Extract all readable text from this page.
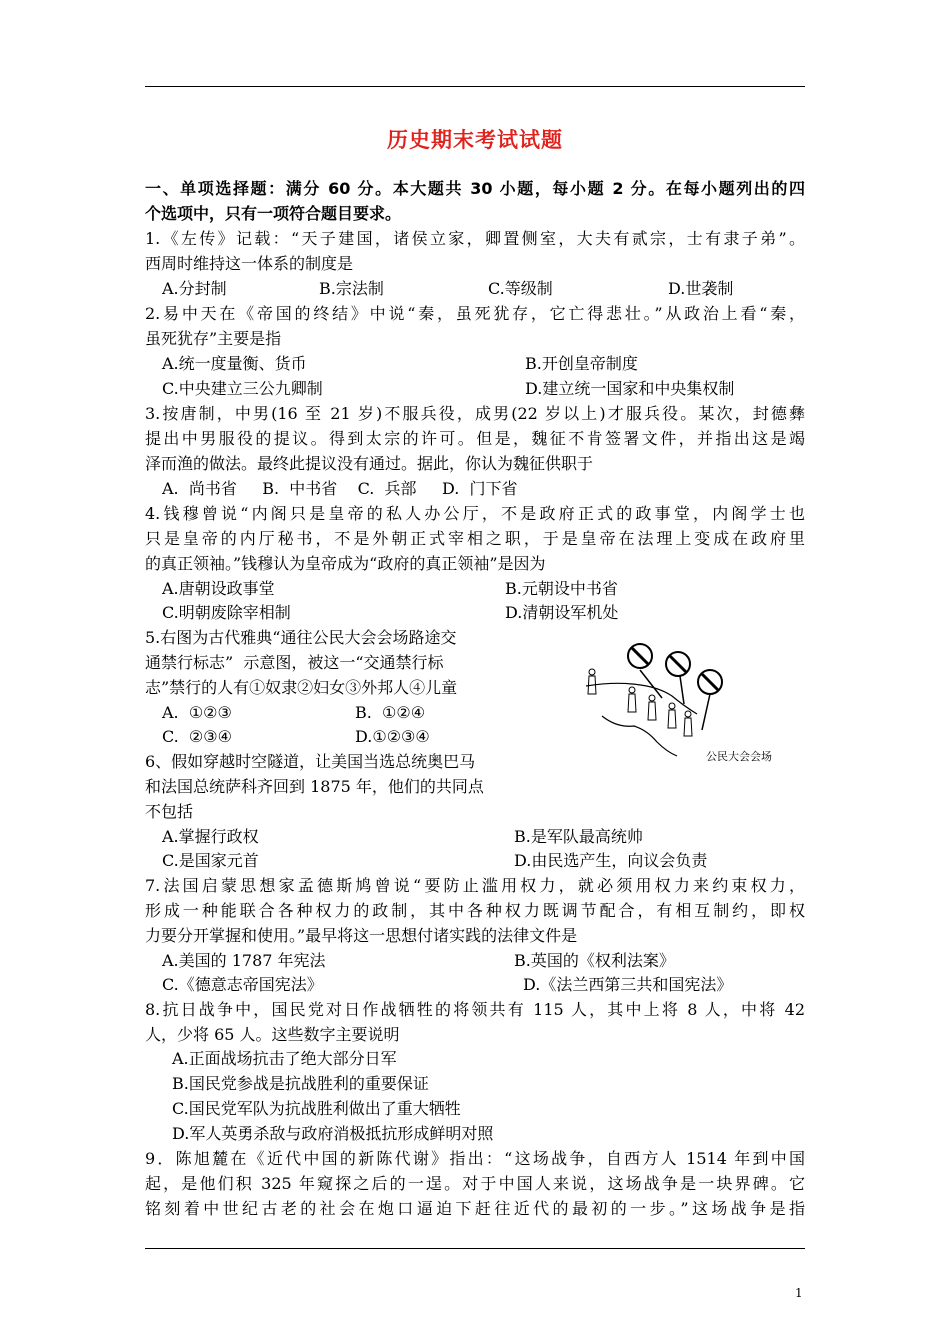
历史期末考试试题
一、单项选择题：满分 60 分。本大题共 30 小题，每小题 2 分。在每小题列出的四
个选项中，只有一项符合题目要求。
1.《左传》记载：“天子建国，诸侯立家，卿置侧室，大夫有贰宗，士有隶子弟”。
西周时维持这一体系的制度是
A.分封制	B.宗法制	C.等级制	D.世袭制
2.易中天在《帝国的终结》中说“秦，虽死犹存，它亡得悲壮。”从政治上看“秦，
虽死犹存”主要是指
A.统一度量衡、货币	B.开创皇帝制度
C.中央建立三公九卿制	D.建立统一国家和中央集权制
3.按唐制，中男(16 至 21 岁)不服兵役，成男(22 岁以上)才服兵役。某次，封德彝
提出中男服役的提议。得到太宗的许可。但是，魏征不肯签署文件，并指出这是竭
泽而渔的做法。最终此提议没有通过。据此，你认为魏征供职于
A.  尚书省     B.  中书省    C.  兵部     D.  门下省
4.钱穆曾说“内阁只是皇帝的私人办公厅，不是政府正式的政事堂，内阁学士也
只是皇帝的内厅秘书，不是外朝正式宰相之职，于是皇帝在法理上变成在政府里
的真正领袖。”钱穆认为皇帝成为“政府的真正领袖”是因为
A.唐朝设政事堂	B.元朝设中书省
C.明朝废除宰相制	D.清朝设军机处
5.右图为古代雅典“通往公民大会会场路途交
通禁行标志”  示意图，被这一“交通禁行标
志”禁行的人有①奴隶②妇女③外邦人④儿童
A.  ①②③	B.  ①②④
C.  ②③④	D.①②③④
公民大会会场
6、假如穿越时空隧道，让美国当选总统奥巴马
和法国总统萨科齐回到 1875 年，他们的共同点
不包括
A.掌握行政权	B.是军队最高统帅
C.是国家元首	D.由民选产生，向议会负责
7.法国启蒙思想家孟德斯鸠曾说“要防止滥用权力，就必须用权力来约束权力，
形成一种能联合各种权力的政制，其中各种权力既调节配合，有相互制约，即权
力要分开掌握和使用。”最早将这一思想付诸实践的法律文件是
A.美国的 1787 年宪法	B.英国的《权利法案》
C.《德意志帝国宪法》	D.《法兰西第三共和国宪法》
8.抗日战争中，国民党对日作战牺牲的将领共有 115 人，其中上将 8 人，中将 42
人，少将 65 人。这些数字主要说明
A.正面战场抗击了绝大部分日军
B.国民党参战是抗战胜利的重要保证
C.国民党军队为抗战胜利做出了重大牺牲
D.军人英勇杀敌与政府消极抵抗形成鲜明对照
9．陈旭麓在《近代中国的新陈代谢》指出：“这场战争，自西方人 1514 年到中国
起，是他们积 325 年窥探之后的一逞。对于中国人来说，这场战争是一块界碑。它
铭刻着中世纪古老的社会在炮口逼迫下赶往近代的最初的一步。”这场战争是指
1
